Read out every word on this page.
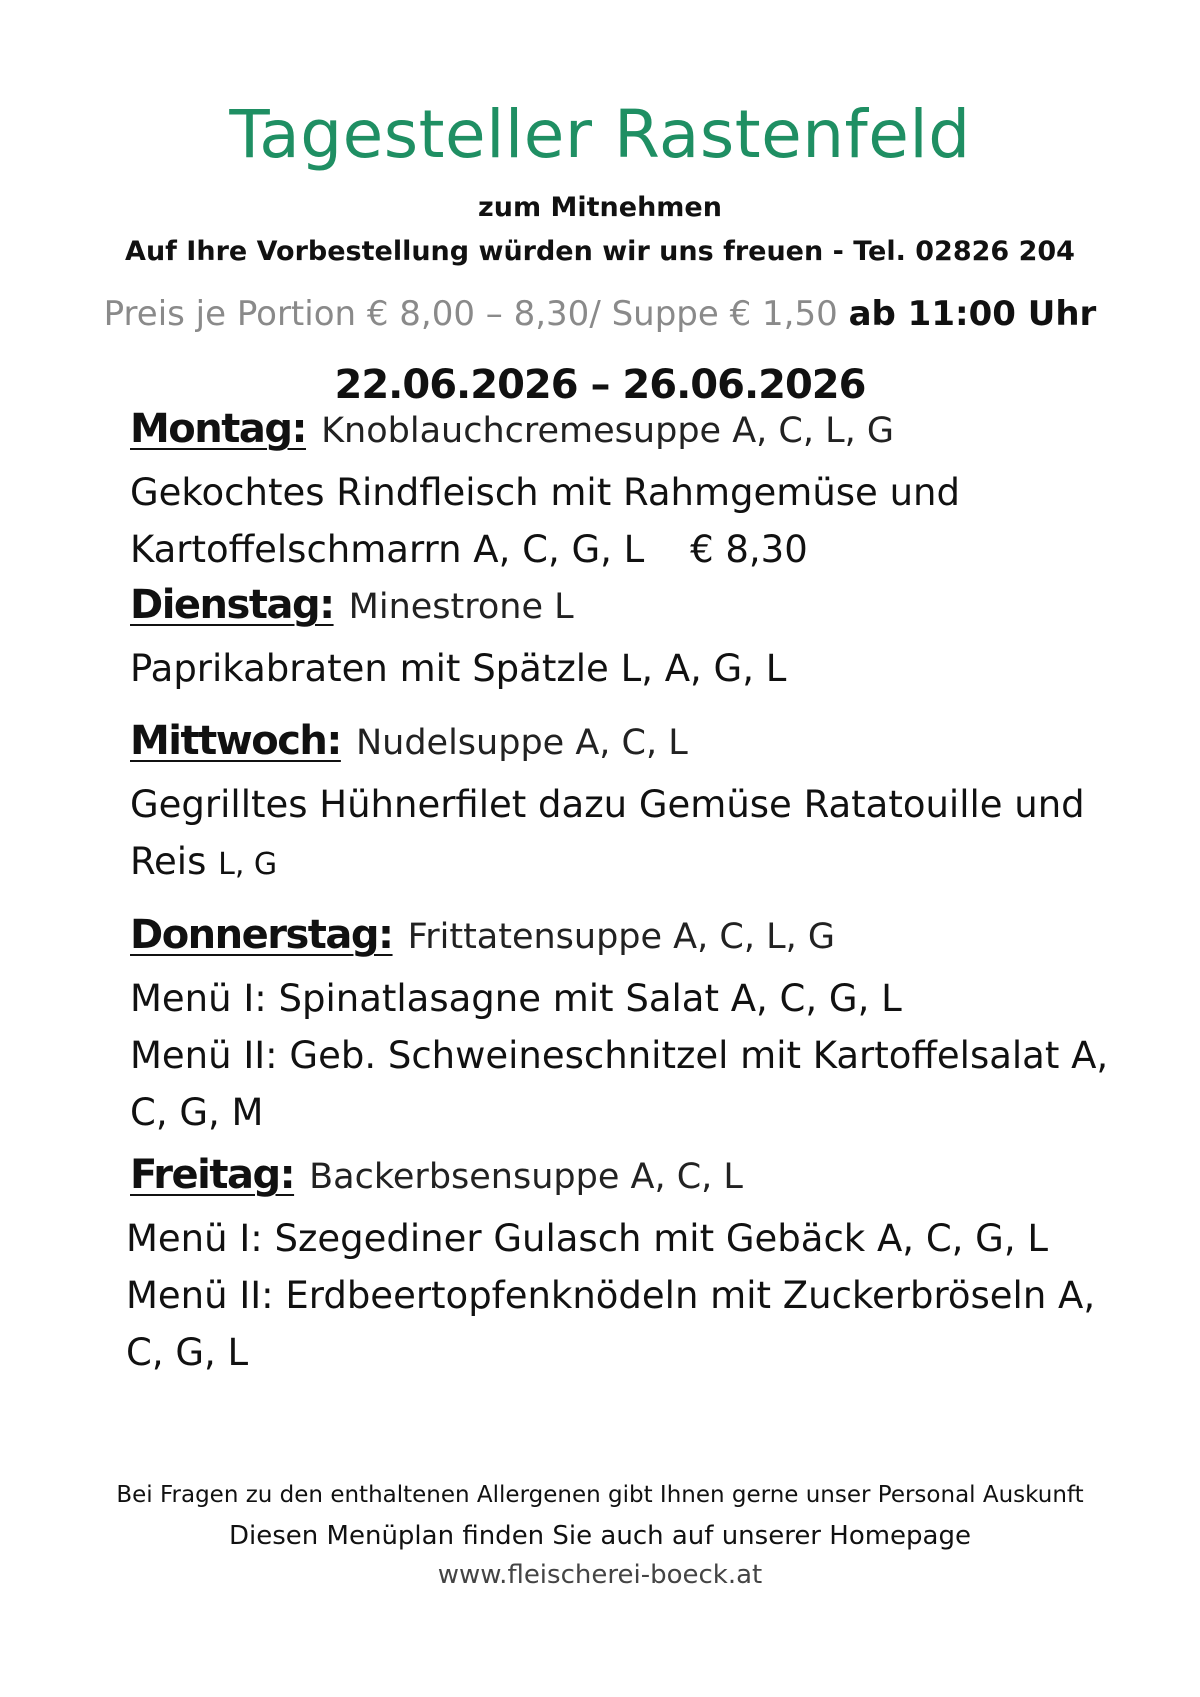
Tagesteller Rastenfeld
zum Mitnehmen
Auf Ihre Vorbestellung würden wir uns freuen - Tel. 02826 204
Preis je Portion € 8,00 – 8,30/ Suppe € 1,50 ab 11:00 Uhr
22.06.2026 – 26.06.2026
Montag: Knoblauchcremesuppe A, C, L, G
Gekochtes Rindfleisch mit Rahmgemüse und
Kartoffelschmarrn A, C, G, L € 8,30
Dienstag: Minestrone L
Paprikabraten mit Spätzle L, A, G, L
Mittwoch: Nudelsuppe A, C, L
Gegrilltes Hühnerfilet dazu Gemüse Ratatouille und
Reis L, G
Donnerstag: Frittatensuppe A, C, L, G
Menü I: Spinatlasagne mit Salat A, C, G, L
Menü II: Geb. Schweineschnitzel mit Kartoffelsalat A,
C, G, M
Freitag: Backerbsensuppe A, C, L
Menü I: Szegediner Gulasch mit Gebäck A, C, G, L
Menü II: Erdbeertopfenknödeln mit Zuckerbröseln A,
C, G, L
Bei Fragen zu den enthaltenen Allergenen gibt Ihnen gerne unser Personal Auskunft
Diesen Menüplan finden Sie auch auf unserer Homepage
www.fleischerei-boeck.at
